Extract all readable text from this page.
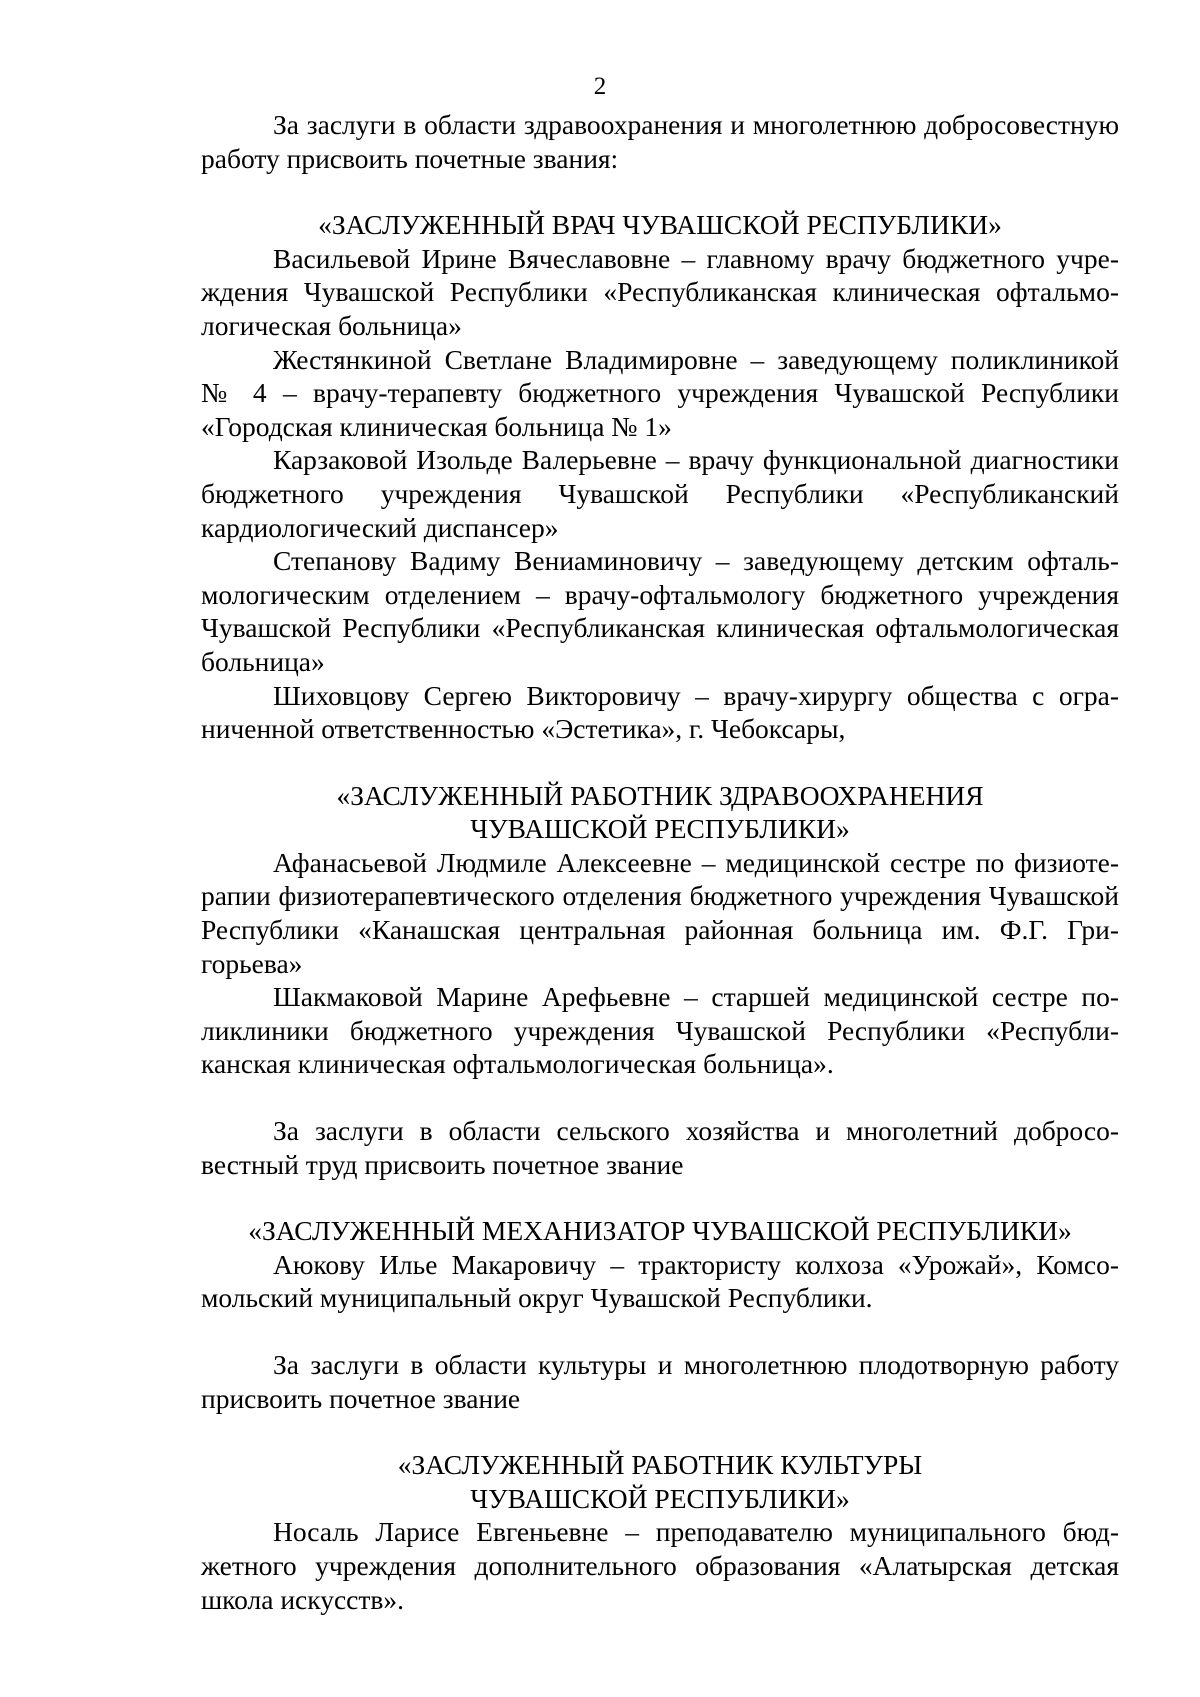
2

За заслуги в области здравоохранения и многолетнюю добросовестную работу присвоить почетные звания:

«ЗАСЛУЖЕННЫЙ ВРАЧ ЧУВАШСКОЙ РЕСПУБЛИКИ»

Васильевой Ирине Вячеславовне – главному врачу бюджетного учреждения Чувашской Республики «Республиканская клиническая офтальмологическая больница»

Жестянкиной Светлане Владимировне – заведующему поликлиникой № 4 – врачу-терапевту бюджетного учреждения Чувашской Республики «Городская клиническая больница № 1»

Карзаковой Изольде Валерьевне – врачу функциональной диагностики бюджетного учреждения Чувашской Республики «Республиканский кардиологический диспансер»

Степанову Вадиму Вениаминовичу – заведующему детским офтальмологическим отделением – врачу-офтальмологу бюджетного учреждения Чувашской Республики «Республиканская клиническая офтальмологическая больница»

Шиховцову Сергею Викторовичу – врачу-хирургу общества с ограниченной ответственностью «Эстетика», г. Чебоксары,

«ЗАСЛУЖЕННЫЙ РАБОТНИК ЗДРАВООХРАНЕНИЯ

ЧУВАШСКОЙ РЕСПУБЛИКИ»

Афанасьевой Людмиле Алексеевне – медицинской сестре по физиотерапии физиотерапевтического отделения бюджетного учреждения Чувашской Республики «Канашская центральная районная больница им. Ф.Г. Григорьева»

Шакмаковой Марине Арефьевне – старшей медицинской сестре поликлиники бюджетного учреждения Чувашской Республики «Республиканская клиническая офтальмологическая больница».

За заслуги в области сельского хозяйства и многолетний добросовестный труд присвоить почетное звание

«ЗАСЛУЖЕННЫЙ МЕХАНИЗАТОР ЧУВАШСКОЙ РЕСПУБЛИКИ»

Аюкову Илье Макаровичу – трактористу колхоза «Урожай», Комсомольский муниципальный округ Чувашской Республики.

За заслуги в области культуры и многолетнюю плодотворную работу присвоить почетное звание

«ЗАСЛУЖЕННЫЙ РАБОТНИК КУЛЬТУРЫ

ЧУВАШСКОЙ РЕСПУБЛИКИ»

Носаль Ларисе Евгеньевне – преподавателю муниципального бюджетного учреждения дополнительного образования «Алатырская детская школа искусств».
